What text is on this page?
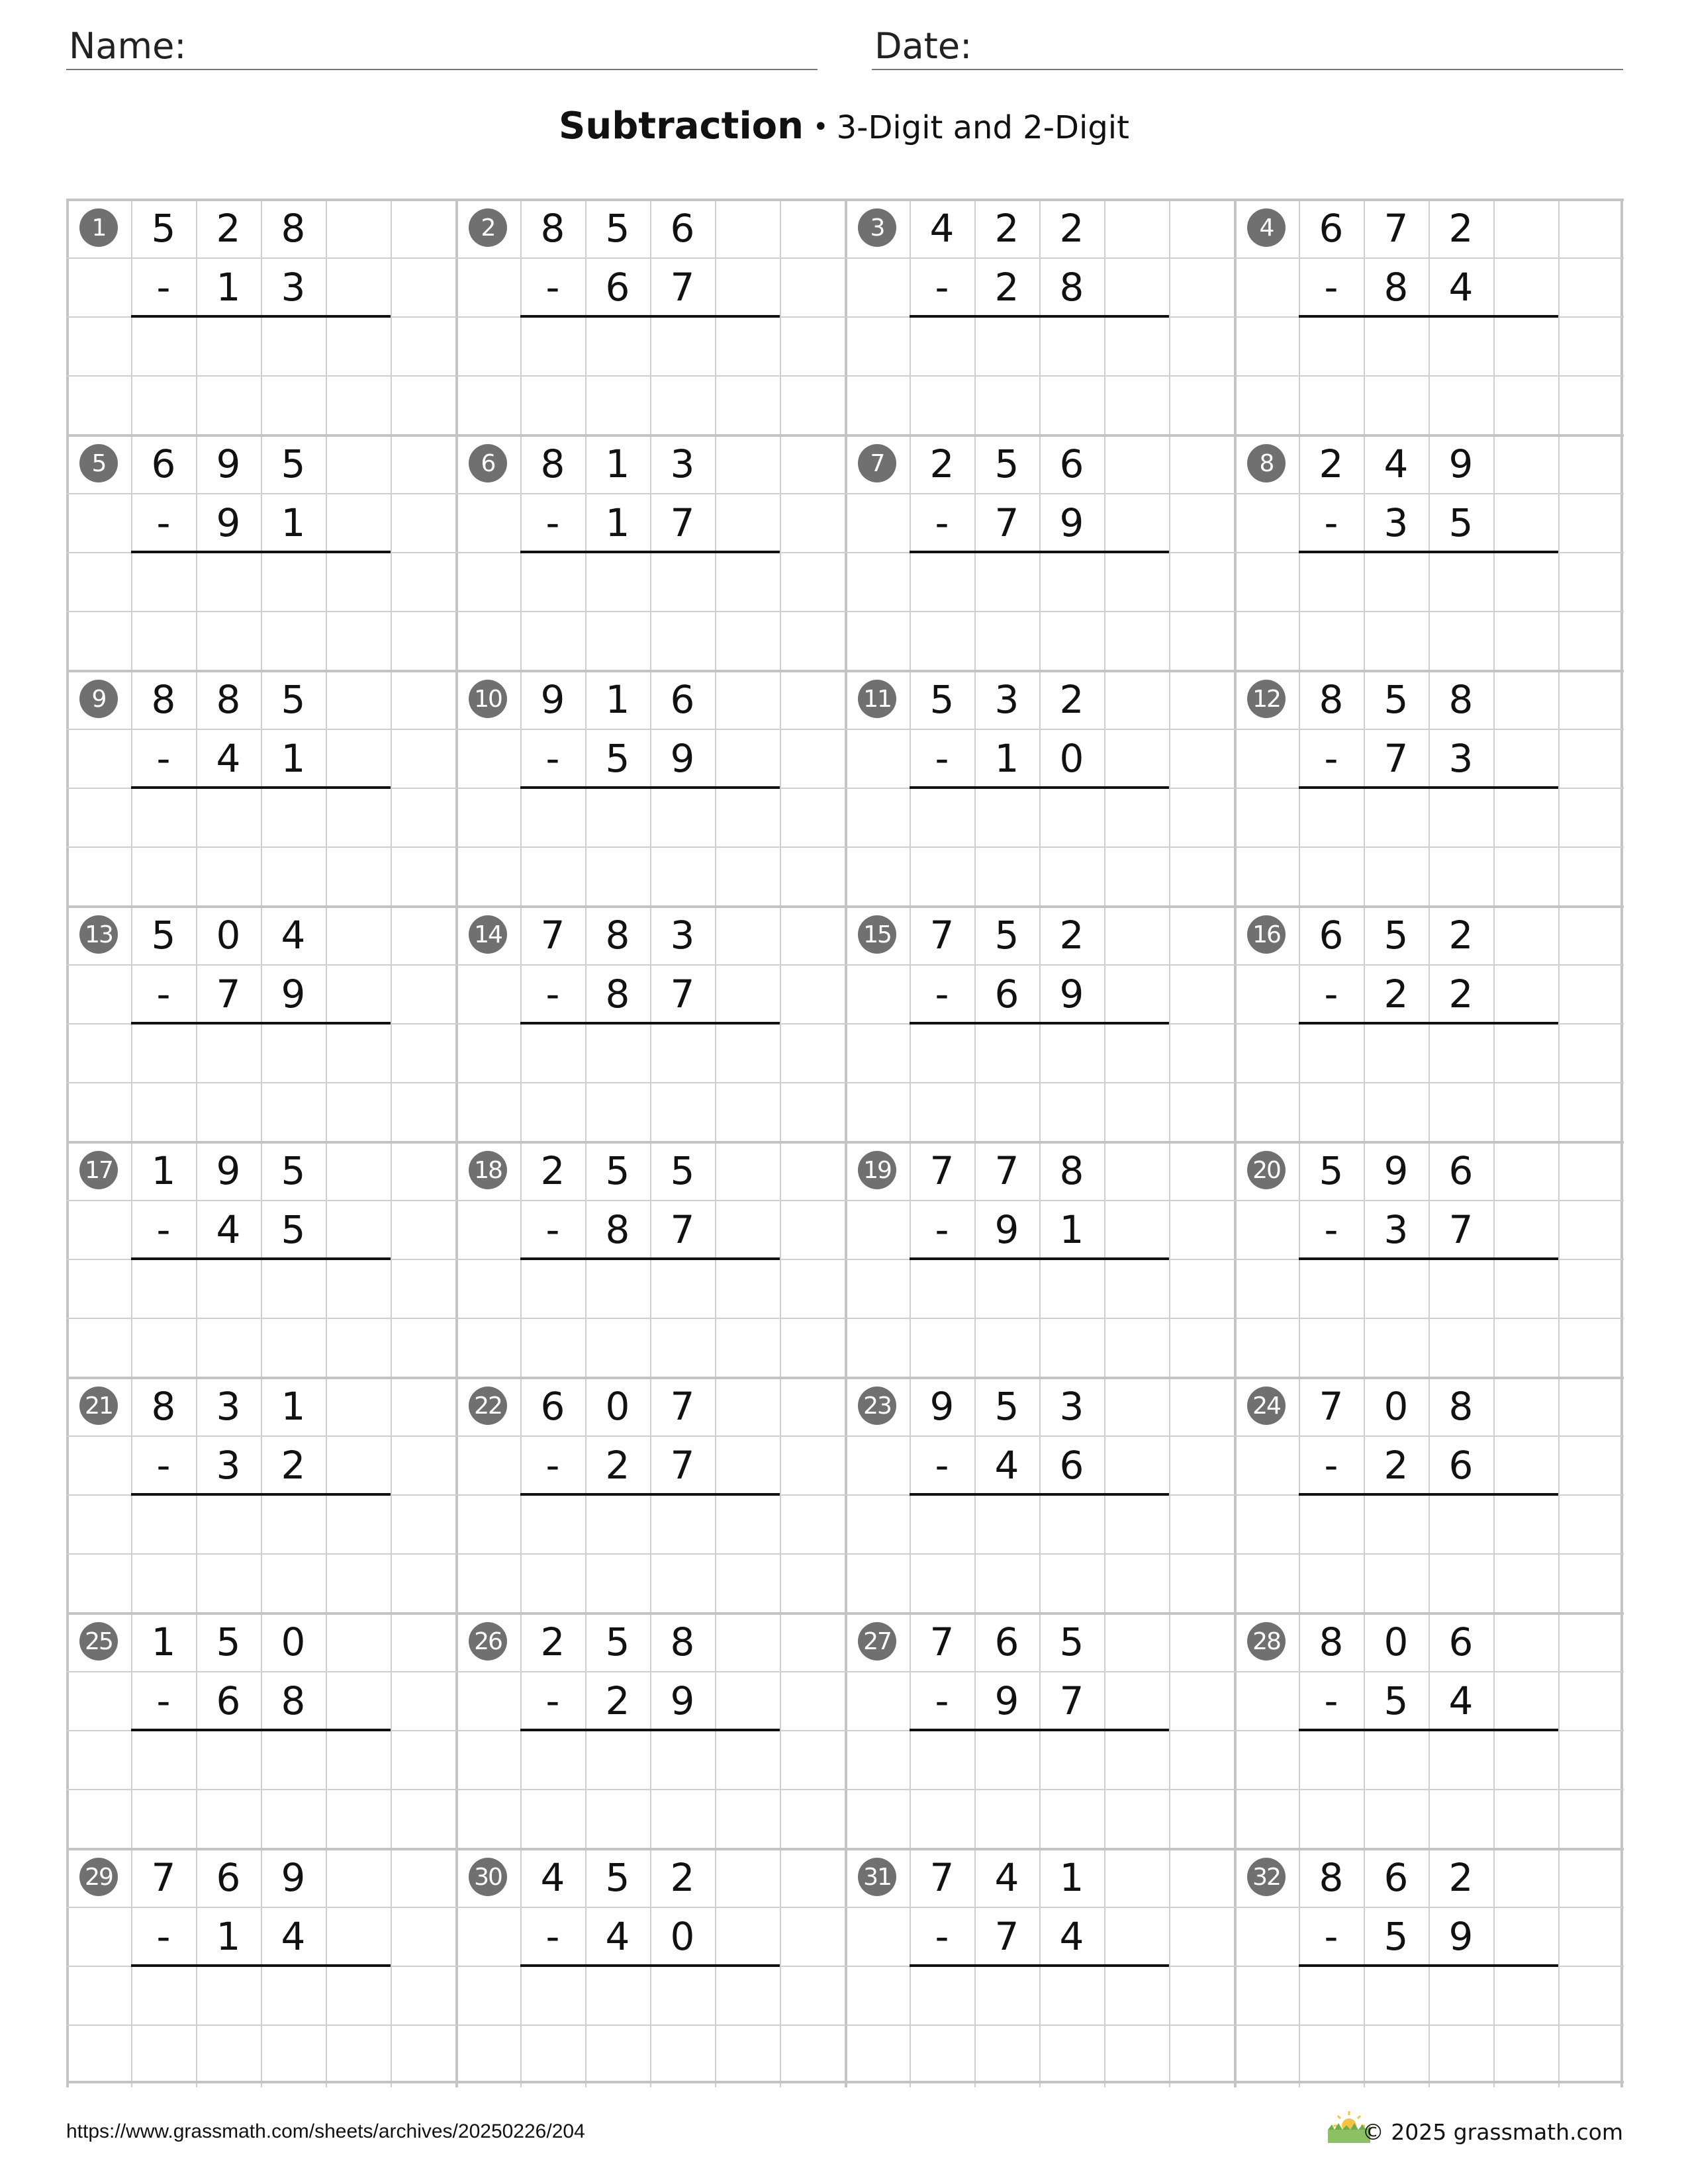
Name:	Date:
Subtraction • 3-Digit and 2-Digit
1	5	2	8
-	1	3
2	8	5	6
-	6	7
3	4	2	2
-	2	8
4	6	7	2
-	8	4
5	6	9	5
-	9	1
6	8	1	3
-	1	7
7	2	5	6
-	7	9
8	2	4	9
-	3	5
9	8	8	5
-	4	1
10	9	1	6
-	5	9
11	5	3	2
-	1	0
12	8	5	8
-	7	3
13	5	0	4
-	7	9
14	7	8	3
-	8	7
15	7	5	2
-	6	9
16	6	5	2
-	2	2
17	1	9	5
-	4	5
18	2	5	5
-	8	7
19	7	7	8
-	9	1
20	5	9	6
-	3	7
21	8	3	1
-	3	2
22	6	0	7
-	2	7
23	9	5	3
-	4	6
24	7	0	8
-	2	6
25	1	5	0
-	6	8
26	2	5	8
-	2	9
27	7	6	5
-	9	7
28	8	0	6
-	5	4
29	7	6	9
-	1	4
30	4	5	2
-	4	0
31	7	4	1
-	7	4
32	8	6	2
-	5	9
https://www.grassmath.com/sheets/archives/20250226/204	© 2025 grassmath.com
